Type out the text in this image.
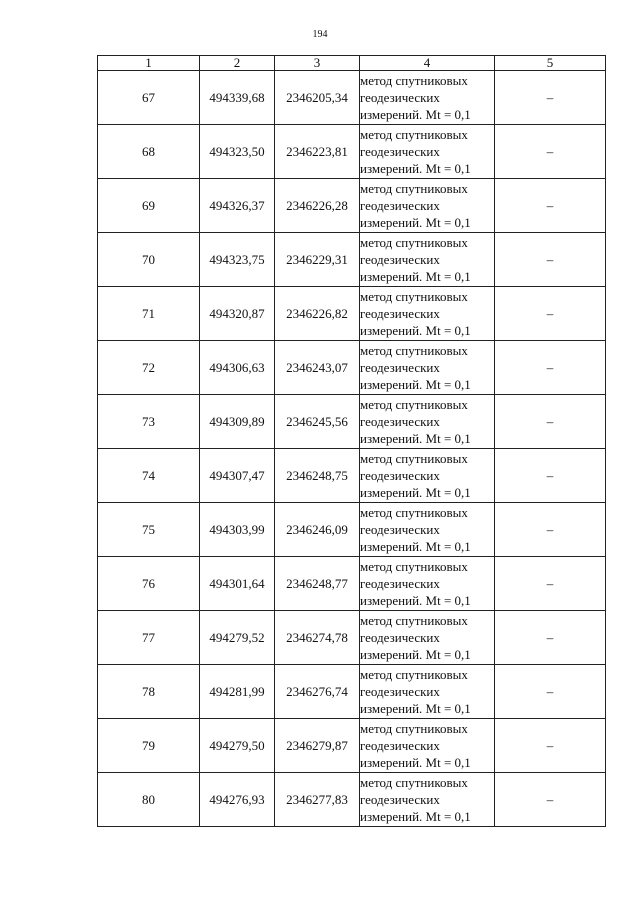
194
1	2	3	4	5
67	494339,68	2346205,34	метод спутниковых
геодезических
измерений. Mt = 0,1	–
68	494323,50	2346223,81	метод спутниковых
геодезических
измерений. Mt = 0,1	–
69	494326,37	2346226,28	метод спутниковых
геодезических
измерений. Mt = 0,1	–
70	494323,75	2346229,31	метод спутниковых
геодезических
измерений. Mt = 0,1	–
71	494320,87	2346226,82	метод спутниковых
геодезических
измерений. Mt = 0,1	–
72	494306,63	2346243,07	метод спутниковых
геодезических
измерений. Mt = 0,1	–
73	494309,89	2346245,56	метод спутниковых
геодезических
измерений. Mt = 0,1	–
74	494307,47	2346248,75	метод спутниковых
геодезических
измерений. Mt = 0,1	–
75	494303,99	2346246,09	метод спутниковых
геодезических
измерений. Mt = 0,1	–
76	494301,64	2346248,77	метод спутниковых
геодезических
измерений. Mt = 0,1	–
77	494279,52	2346274,78	метод спутниковых
геодезических
измерений. Mt = 0,1	–
78	494281,99	2346276,74	метод спутниковых
геодезических
измерений. Mt = 0,1	–
79	494279,50	2346279,87	метод спутниковых
геодезических
измерений. Mt = 0,1	–
80	494276,93	2346277,83	метод спутниковых
геодезических
измерений. Mt = 0,1	–
